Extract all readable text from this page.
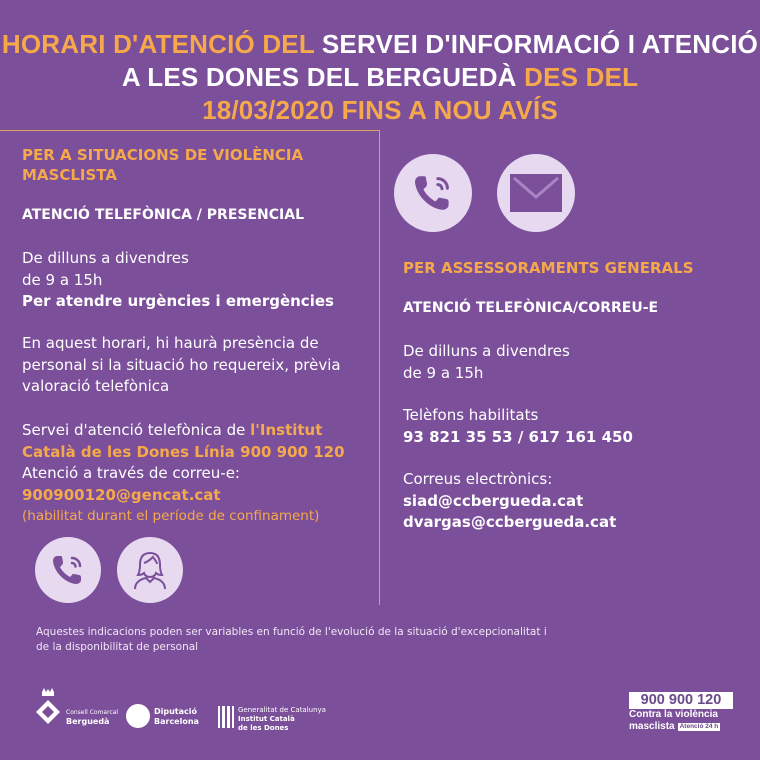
HORARI D'ATENCIÓ DEL SERVEI D'INFORMACIÓ I ATENCIÓ
A LES DONES DEL BERGUEDÀ DES DEL
18/03/2020 FINS A NOU AVÍS
PER A SITUACIONS DE VIOLÈNCIA MASCLISTA
ATENCIÓ TELEFÒNICA / PRESENCIAL
De dilluns a divendres
de 9 a 15h
Per atendre urgències i emergències
En aquest horari, hi haurà presència de personal si la situació ho requereix, prèvia valoració telefònica
Servei d'atenció telefònica de l'Institut Català de les Dones Línia 900 900 120
Atenció a través de correu-e:
900900120@gencat.cat
(habilitat durant el període de confinament)
PER ASSESSORAMENTS GENERALS
ATENCIÓ TELEFÒNICA/CORREU-E
De dilluns a divendres
de 9 a 15h
Telèfons habilitats
93 821 35 53 / 617 161 450
Correus electrònics:
siad@ccbergueda.cat
dvargas@ccbergueda.cat
Aquestes indicacions poden ser variables en funció de l'evolució de la situació d'excepcionalitat i de la disponibilitat de personal
Consell Comarcal
Berguedà
Diputació
Barcelona
Generalitat de Catalunya
Institut Català
de les Dones
900 900 120
Contra la violència
masclista Atenció 24 h
